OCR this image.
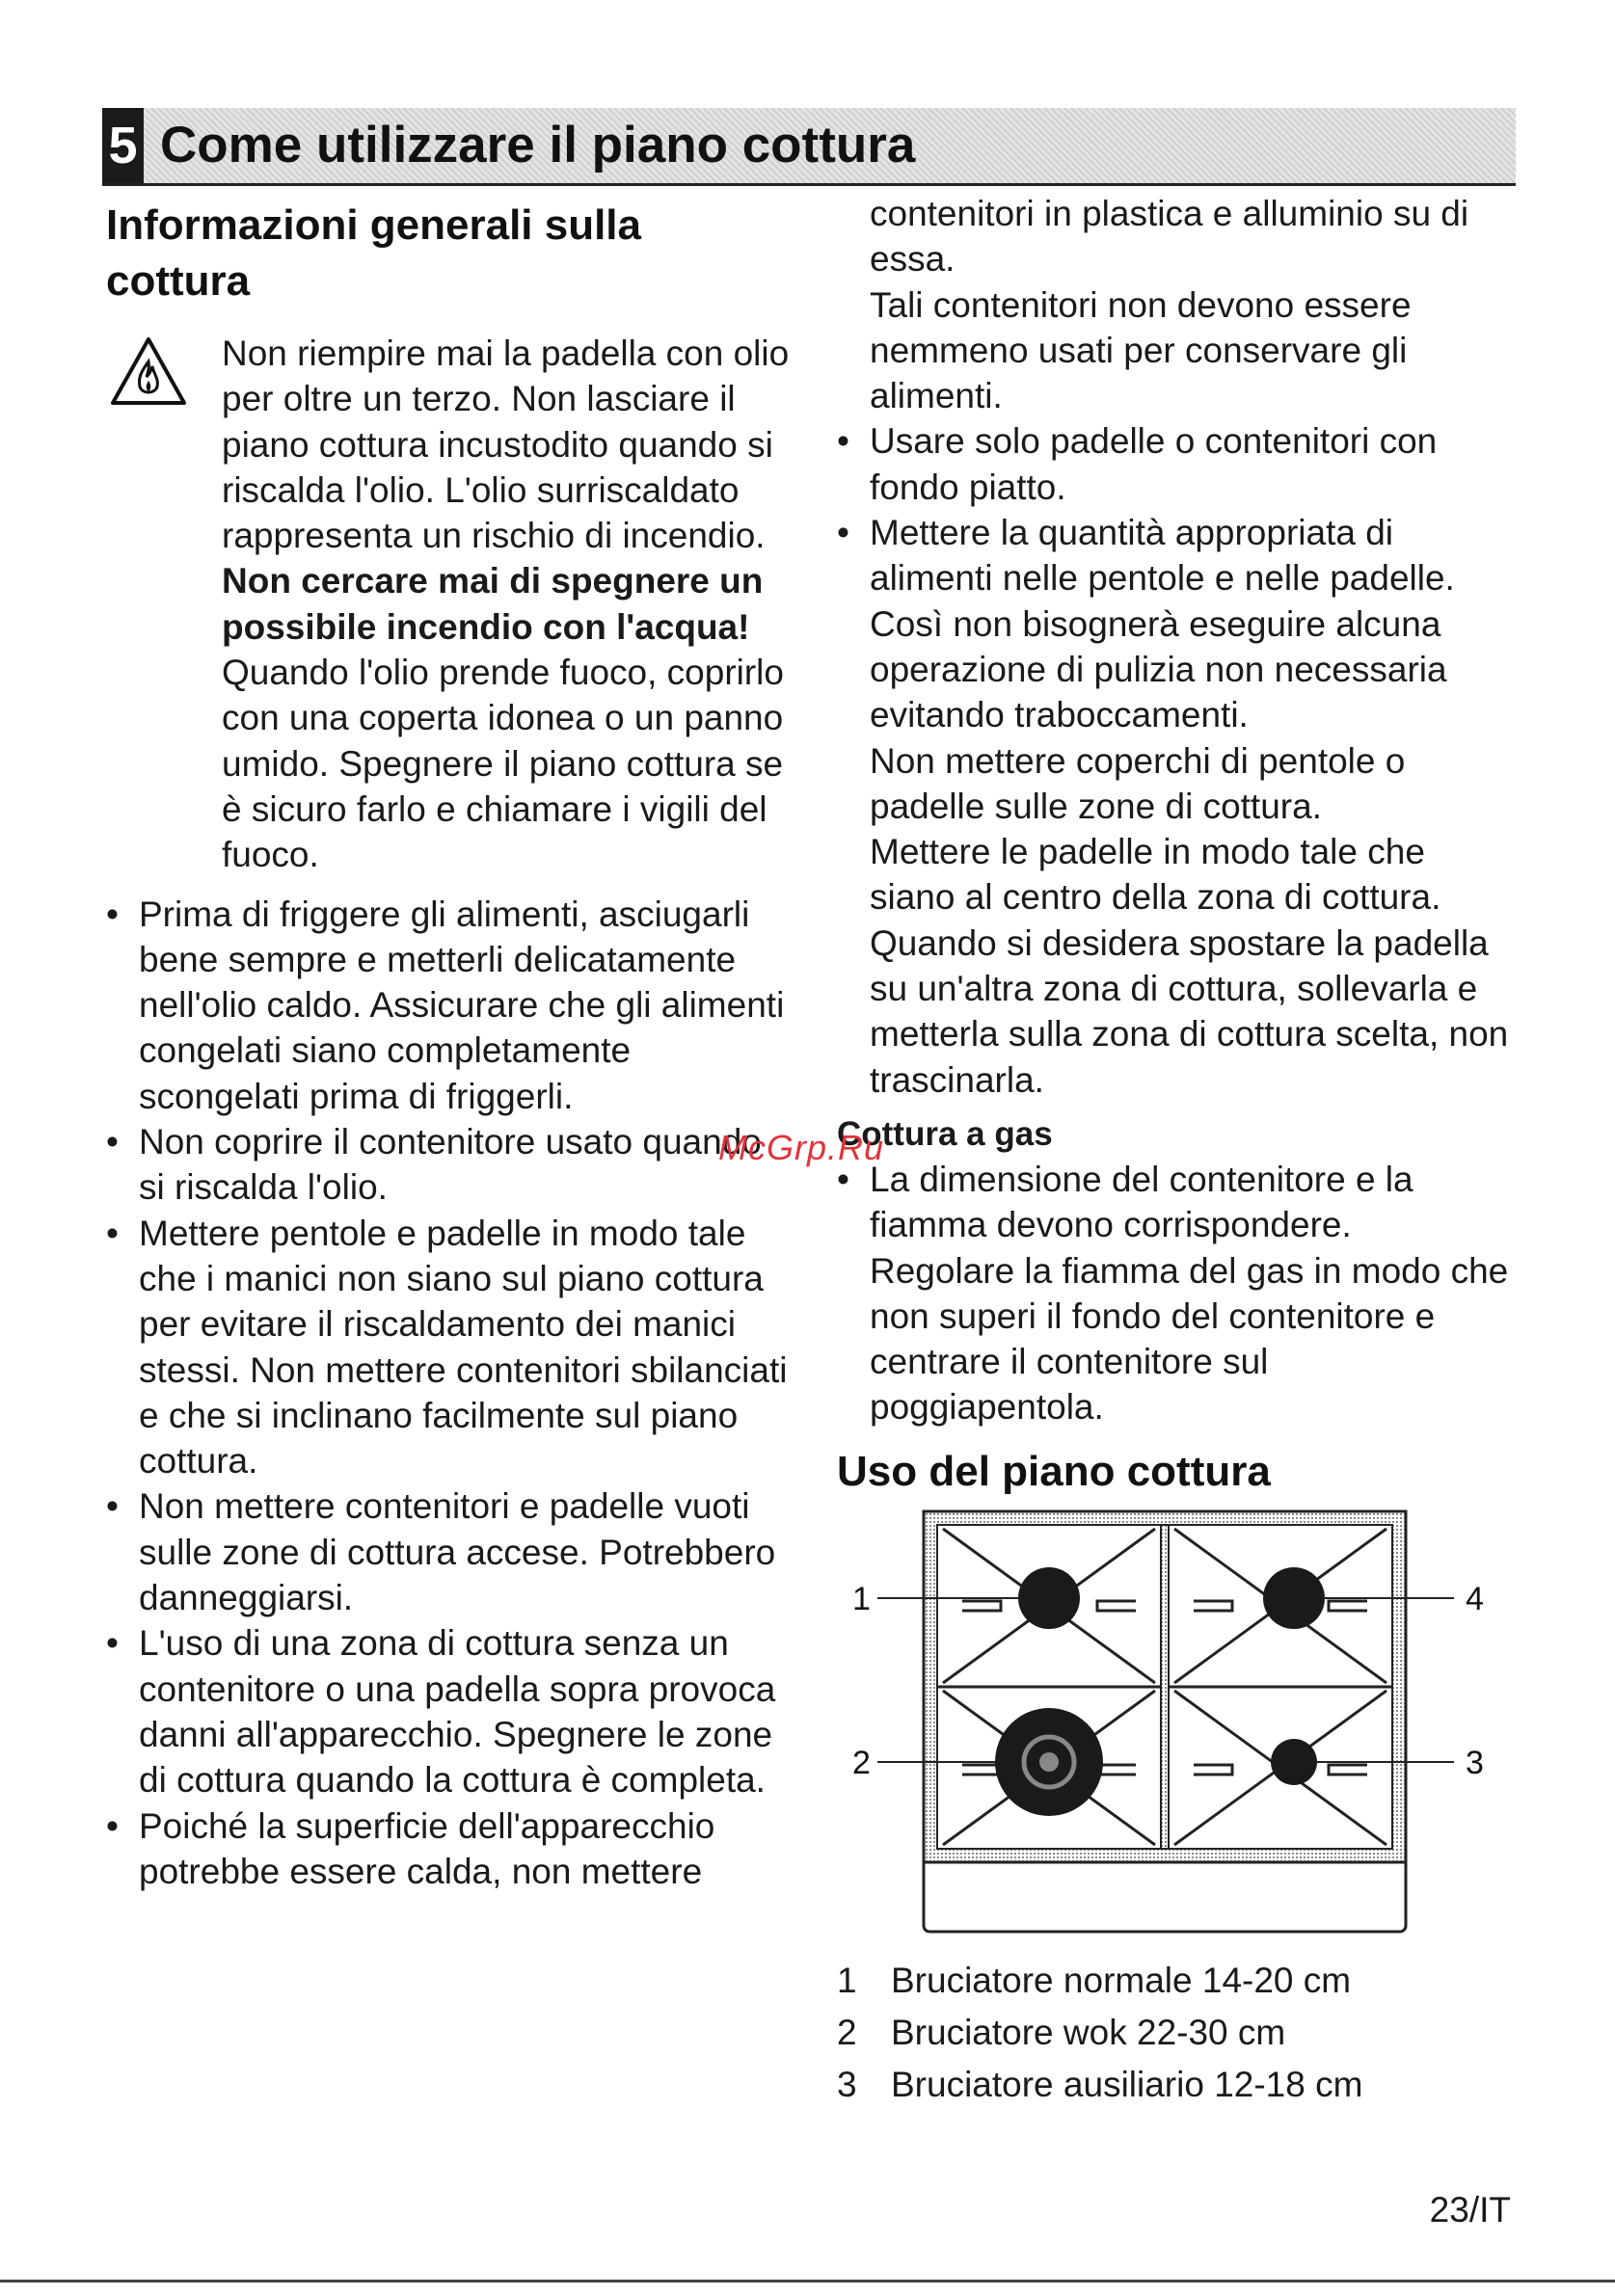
5 Come utilizzare il piano cottura
Informazioni generali sulla cottura
Non riempire mai la padella con olio per oltre un terzo. Non lasciare il piano cottura incustodito quando si riscalda l'olio. L'olio surriscaldato rappresenta un rischio di incendio. Non cercare mai di spegnere un possibile incendio con l'acqua! Quando l'olio prende fuoco, coprirlo con una coperta idonea o un panno umido. Spegnere il piano cottura se è sicuro farlo e chiamare i vigili del fuoco.
• Prima di friggere gli alimenti, asciugarli bene sempre e metterli delicatamente nell'olio caldo. Assicurare che gli alimenti congelati siano completamente scongelati prima di friggerli.
• Non coprire il contenitore usato quando si riscalda l'olio.
• Mettere pentole e padelle in modo tale che i manici non siano sul piano cottura per evitare il riscaldamento dei manici stessi. Non mettere contenitori sbilanciati e che si inclinano facilmente sul piano cottura.
• Non mettere contenitori e padelle vuoti sulle zone di cottura accese. Potrebbero danneggiarsi.
• L'uso di una zona di cottura senza un contenitore o una padella sopra provoca danni all'apparecchio. Spegnere le zone di cottura quando la cottura è completa.
• Poiché la superficie dell'apparecchio potrebbe essere calda, non mettere
contenitori in plastica e alluminio su di essa.
Tali contenitori non devono essere nemmeno usati per conservare gli alimenti.
• Usare solo padelle o contenitori con fondo piatto.
• Mettere la quantità appropriata di alimenti nelle pentole e nelle padelle. Così non bisognerà eseguire alcuna operazione di pulizia non necessaria evitando traboccamenti.
Non mettere coperchi di pentole o padelle sulle zone di cottura.
Mettere le padelle in modo tale che siano al centro della zona di cottura. Quando si desidera spostare la padella su un'altra zona di cottura, sollevarla e metterla sulla zona di cottura scelta, non trascinarla.
Cottura a gas
• La dimensione del contenitore e la fiamma devono corrispondere.
Regolare la fiamma del gas in modo che non superi il fondo del contenitore e centrare il contenitore sul poggiapentola.
Uso del piano cottura
1
2	3
4
1 Bruciatore normale 14-20 cm
2 Bruciatore wok 22-30 cm
3 Bruciatore ausiliario 12-18 cm
McGrp.Ru
23/IT
